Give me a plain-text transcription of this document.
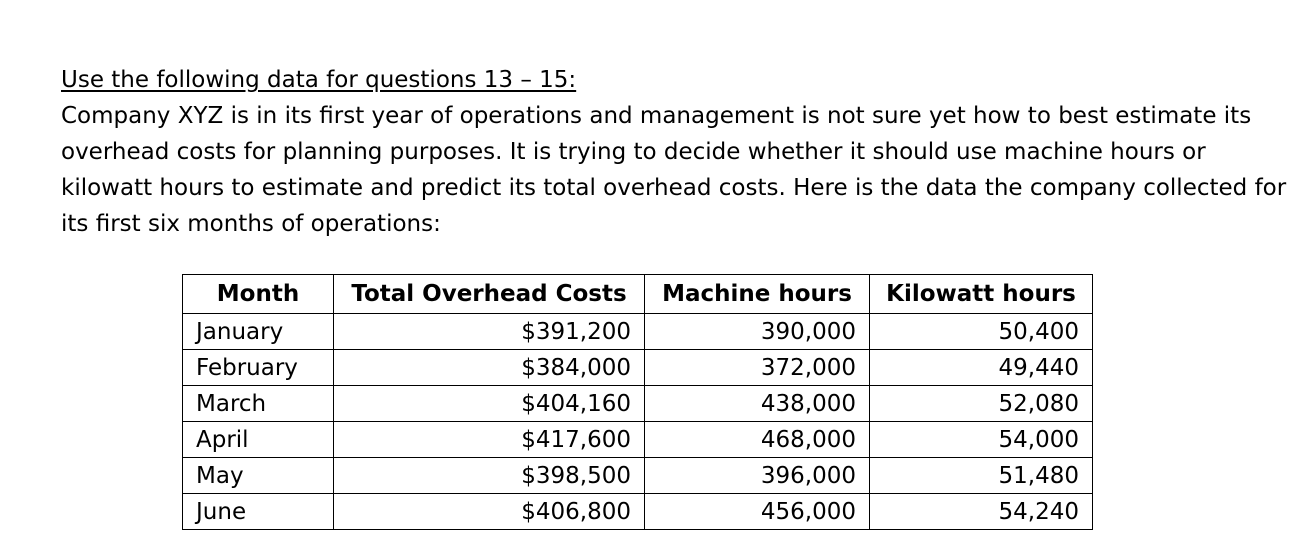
Use the following data for questions 13 – 15:
Company XYZ is in its first year of operations and management is not sure yet how to best estimate its overhead costs for planning purposes. It is trying to decide whether it should use machine hours or kilowatt hours to estimate and predict its total overhead costs. Here is the data the company collected for its first six months of operations:
Month	Total Overhead Costs	Machine hours	Kilowatt hours
January	$391,200	390,000	50,400
February	$384,000	372,000	49,440
March	$404,160	438,000	52,080
April	$417,600	468,000	54,000
May	$398,500	396,000	51,480
June	$406,800	456,000	54,240
